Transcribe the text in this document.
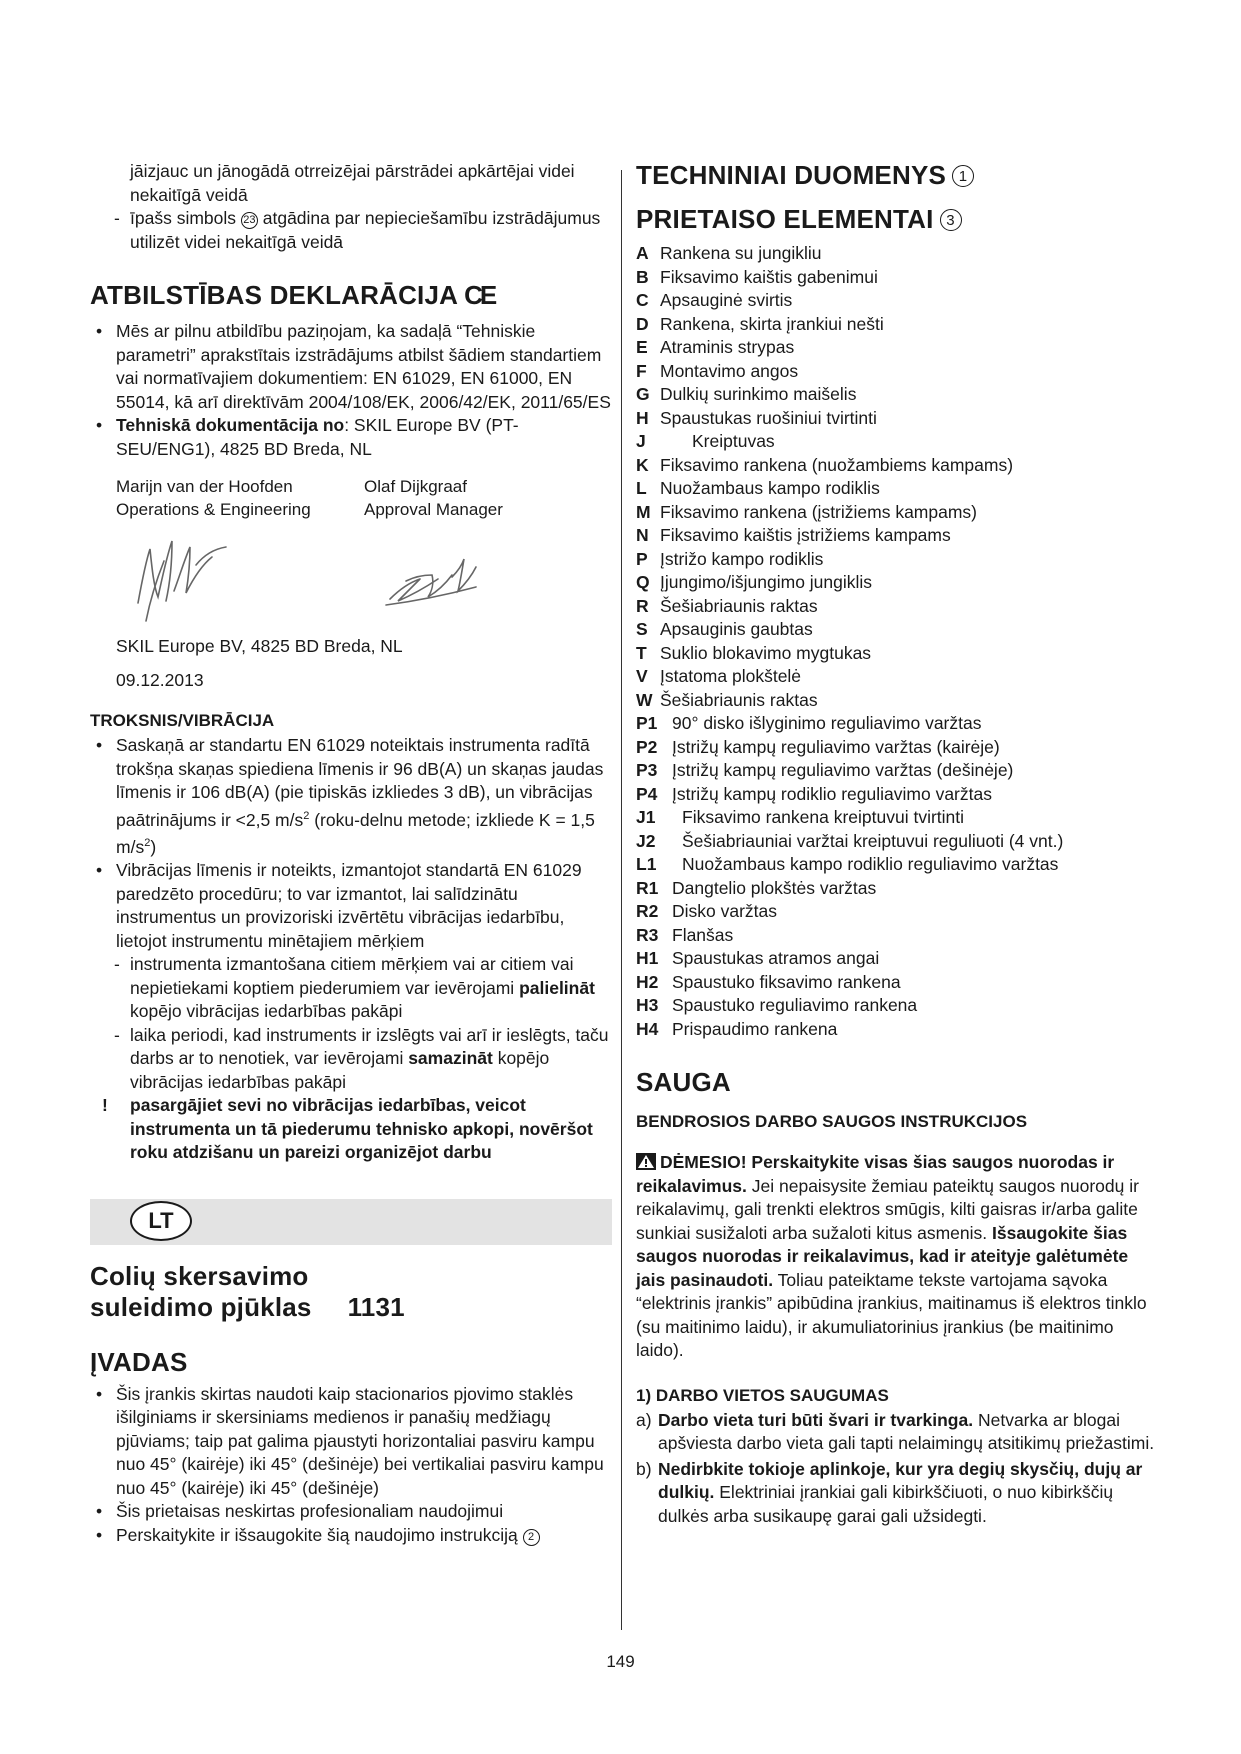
jāizjauc un jānogādā otrreizējai pārstrādei apkārtējai videi nekaitīgā veidā

- īpašs simbols 23 atgādina par nepieciešamību izstrādājumus utilizēt videi nekaitīgā veidā

ATBILSTĪBAS DEKLARĀCIJA CE

• Mēs ar pilnu atbildību paziņojam, ka sadaļā “Tehniskie parametri” aprakstītais izstrādājums atbilst šādiem standartiem vai normatīvajiem dokumentiem: EN 61029, EN 61000, EN 55014, kā arī direktīvām 2004/108/EK, 2006/42/EK, 2011/65/ES

• Tehniskā dokumentācija no: SKIL Europe BV (PT-SEU/ENG1), 4825 BD Breda, NL

Marijn van der Hoofden
Operations & Engineering
Olaf Dijkgraaf
Approval Manager

SKIL Europe BV, 4825 BD Breda, NL

09.12.2013

TROKSNIS/VIBRĀCIJA

• Saskaņā ar standartu EN 61029 noteiktais instrumenta radītā trokšņa skaņas spiediena līmenis ir 96 dB(A) un skaņas jaudas līmenis ir 106 dB(A) (pie tipiskās izkliedes 3 dB), un vibrācijas paātrinājums ir <2,5 $m/s^2$ (roku-delnu metode; izkliede K = 1,5 $m/s^2$)

• Vibrācijas līmenis ir noteikts, izmantojot standartā EN 61029 paredzēto procedūru; to var izmantot, lai salīdzinātu instrumentus un provizoriski izvērtētu vibrācijas iedarbību, lietojot instrumentu minētajiem mērķiem

- instrumenta izmantošana citiem mērķiem vai ar citiem vai nepietiekami koptiem piederumiem var ievērojami palielināt kopējo vibrācijas iedarbības pakāpi

- laika periodi, kad instruments ir izslēgts vai arī ir ieslēgts, taču darbs ar to nenotiek, var ievērojami samazināt kopējo vibrācijas iedarbības pakāpi

! pasargājiet sevi no vibrācijas iedarbības, veicot instrumenta un tā piederumu tehnisko apkopi, novēršot roku atdzišanu un pareizi organizējot darbu

LT
Colių skersavimo
suleidimo pjūklas 1131
ĮVADAS

• Šis įrankis skirtas naudoti kaip stacionarios pjovimo staklės išilginiams ir skersiniams medienos ir panašių medžiagų pjūviams; taip pat galima pjaustyti horizontaliai pasviru kampu nuo 45° (kairėje) iki 45° (dešinėje) bei vertikaliai pasviru kampu nuo 45° (kairėje) iki 45° (dešinėje)

• Šis prietaisas neskirtas profesionaliam naudojimui

• Perskaitykite ir išsaugokite šią naudojimo instrukciją 2

TECHNINIAI DUOMENYS 1
PRIETAISO ELEMENTAI 3
A Rankena su jungikliu
B Fiksavimo kaištis gabenimui
C Apsauginė svirtis
D Rankena, skirta įrankiui nešti
E Atraminis strypas
F Montavimo angos
G Dulkių surinkimo maišelis
H Spaustukas ruošiniui tvirtinti
J	Kreiptuvas
K Fiksavimo rankena (nuožambiems kampams)
L Nuožambaus kampo rodiklis
M Fiksavimo rankena (įstrižiems kampams)
N Fiksavimo kaištis įstrižiems kampams
P Įstrižo kampo rodiklis
Q Įjungimo/išjungimo jungiklis
R Šešiabriaunis raktas
S Apsauginis gaubtas
T Suklio blokavimo mygtukas
V Įstatoma plokštelė
W Šešiabriaunis raktas
P1 90° disko išlyginimo reguliavimo varžtas
P2 Įstrižų kampų reguliavimo varžtas (kairėje)
P3 Įstrižų kampų reguliavimo varžtas (dešinėje)
P4 Įstrižų kampų rodiklio reguliavimo varžtas
J1	Fiksavimo rankena kreiptuvui tvirtinti
J2	Šešiabriauniai varžtai kreiptuvui reguliuoti (4 vnt.)
L1	Nuožambaus kampo rodiklio reguliavimo varžtas
R1 Dangtelio plokštės varžtas
R2 Disko varžtas
R3 Flanšas
H1 Spaustukas atramos angai
H2 Spaustuko fiksavimo rankena
H3 Spaustuko reguliavimo rankena
H4 Prispaudimo rankena
SAUGA
BENDROSIOS DARBO SAUGOS INSTRUKCIJOS

DĖMESIO! Perskaitykite visas šias saugos nuorodas ir reikalavimus. Jei nepaisysite žemiau pateiktų saugos nuorodų ir reikalavimų, gali trenkti elektros smūgis, kilti gaisras ir/arba galite sunkiai susižaloti arba sužaloti kitus asmenis. Išsaugokite šias saugos nuorodas ir reikalavimus, kad ir ateityje galėtumėte jais pasinaudoti. Toliau pateiktame tekste vartojama sąvoka “elektrinis įrankis” apibūdina įrankius, maitinamus iš elektros tinklo (su maitinimo laidu), ir akumuliatorinius įrankius (be maitinimo laido).

1) DARBO VIETOS SAUGUMAS

a) Darbo vieta turi būti švari ir tvarkinga. Netvarka ar blogai apšviesta darbo vieta gali tapti nelaimingų atsitikimų priežastimi.

b) Nedirbkite tokioje aplinkoje, kur yra degių skysčių, dujų ar dulkių. Elektriniai įrankiai gali kibirkščiuoti, o nuo kibirkščių dulkės arba susikaupę garai gali užsidegti.

149
